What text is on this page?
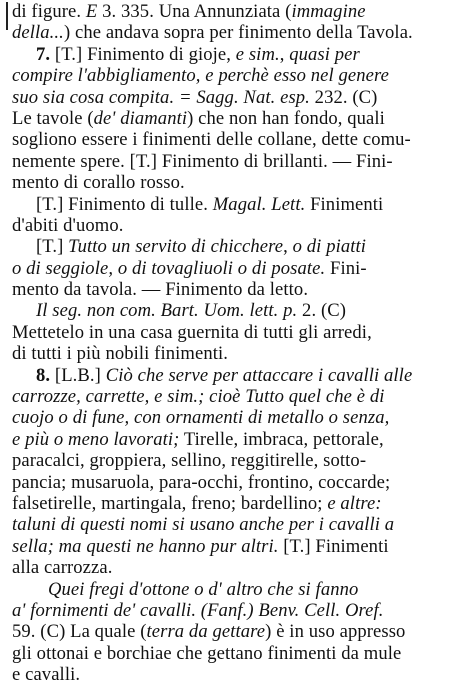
di figure. E 3. 335. Una Annunziata (immagine
della...) che andava sopra per finimento della Tavola.
7. [T.] Finimento di gioje, e sim., quasi per
compire l'abbigliamento, e perchè esso nel genere
suo sia cosa compita. = Sagg. Nat. esp. 232. (C)
Le tavole (de' diamanti) che non han fondo, quali
sogliono essere i finimenti delle collane, dette comu-
nemente spere. [T.] Finimento di brillanti. — Fini-
mento di corallo rosso.
[T.] Finimento di tulle. Magal. Lett. Finimenti
d'abiti d'uomo.
[T.] Tutto un servito di chicchere, o di piatti
o di seggiole, o di tovagliuoli o di posate. Fini-
mento da tavola. — Finimento da letto.
Il seg. non com. Bart. Uom. lett. p. 2. (C)
Mettetelo in una casa guernita di tutti gli arredi,
di tutti i più nobili finimenti.
8. [L.B.] Ciò che serve per attaccare i cavalli alle
carrozze, carrette, e sim.; cioè Tutto quel che è di
cuojo o di fune, con ornamenti di metallo o senza,
e più o meno lavorati; Tirelle, imbraca, pettorale,
paracalci, groppiera, sellino, reggitirelle, sotto-
pancia; musaruola, para-occhi, frontino, coccarde;
falsetirelle, martingala, freno; bardellino; e altre:
taluni di questi nomi si usano anche per i cavalli a
sella; ma questi ne hanno pur altri. [T.] Finimenti
alla carrozza.
Quei fregi d'ottone o d' altro che si fanno
a' fornimenti de' cavalli. (Fanf.) Benv. Cell. Oref.
59. (C) La quale (terra da gettare) è in uso appresso
gli ottonai e borchiae che gettano finimenti da mule
e cavalli.
